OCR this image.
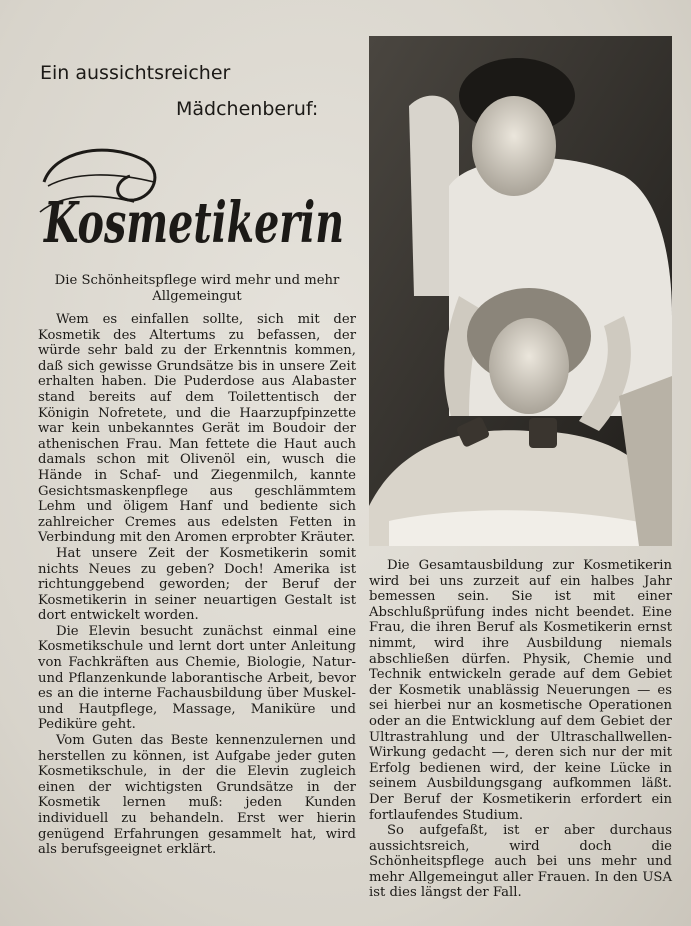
Ein aussichtsreicher
Mädchenberuf:
Kosmetikerin
Die Schönheitspflege wird mehr und mehr Allgemeingut

Wem es einfallen sollte, sich mit der Kosmetik des Altertums zu befassen, der würde sehr bald zu der Erkenntnis kommen, daß sich gewisse Grundsätze bis in unsere Zeit erhalten haben. Die Puderdose aus Alabaster stand bereits auf dem Toilettentisch der Königin Nofretete, und die Haarzupfpinzette war kein unbekanntes Gerät im Boudoir der athenischen Frau. Man fettete die Haut auch damals schon mit Olivenöl ein, wusch die Hände in Schaf- und Ziegenmilch, kannte Gesichtsmaskenpflege aus geschlämmtem Lehm und öligem Hanf und bediente sich zahlreicher Cremes aus edelsten Fetten in Verbindung mit den Aromen erprobter Kräuter.

Hat unsere Zeit der Kosmetikerin somit nichts Neues zu geben? Doch! Amerika ist richtunggebend geworden; der Beruf der Kosmetikerin in seiner neuartigen Gestalt ist dort entwickelt worden.

Die Elevin besucht zunächst einmal eine Kosmetikschule und lernt dort unter Anleitung von Fachkräften aus Chemie, Biologie, Natur- und Pflanzenkunde laborantische Arbeit, bevor es an die interne Fachausbildung über Muskel- und Hautpflege, Massage, Maniküre und Pediküre geht.

Vom Guten das Beste kennenzulernen und herstellen zu können, ist Aufgabe jeder guten Kosmetikschule, in der die Elevin zugleich einen der wichtigsten Grundsätze in der Kosmetik lernen muß: jeden Kunden individuell zu behandeln. Erst wer hierin genügend Erfahrungen gesammelt hat, wird als berufsgeeignet erklärt.

Die Gesamtausbildung zur Kosmetikerin wird bei uns zurzeit auf ein halbes Jahr bemessen sein. Sie ist mit einer Abschlußprüfung indes nicht beendet. Eine Frau, die ihren Beruf als Kosmetikerin ernst nimmt, wird ihre Ausbildung niemals abschließen dürfen. Physik, Chemie und Technik entwickeln gerade auf dem Gebiet der Kosmetik unablässig Neuerungen — es sei hierbei nur an kosmetische Operationen oder an die Entwicklung auf dem Gebiet der Ultrastrahlung und der Ultraschallwellen-Wirkung gedacht —, deren sich nur der mit Erfolg bedienen wird, der keine Lücke in seinem Ausbildungsgang aufkommen läßt. Der Beruf der Kosmetikerin erfordert ein fortlaufendes Studium.

So aufgefaßt, ist er aber durchaus aussichtsreich, wird doch die Schönheitspflege auch bei uns mehr und mehr Allgemeingut aller Frauen. In den USA ist dies längst der Fall.
